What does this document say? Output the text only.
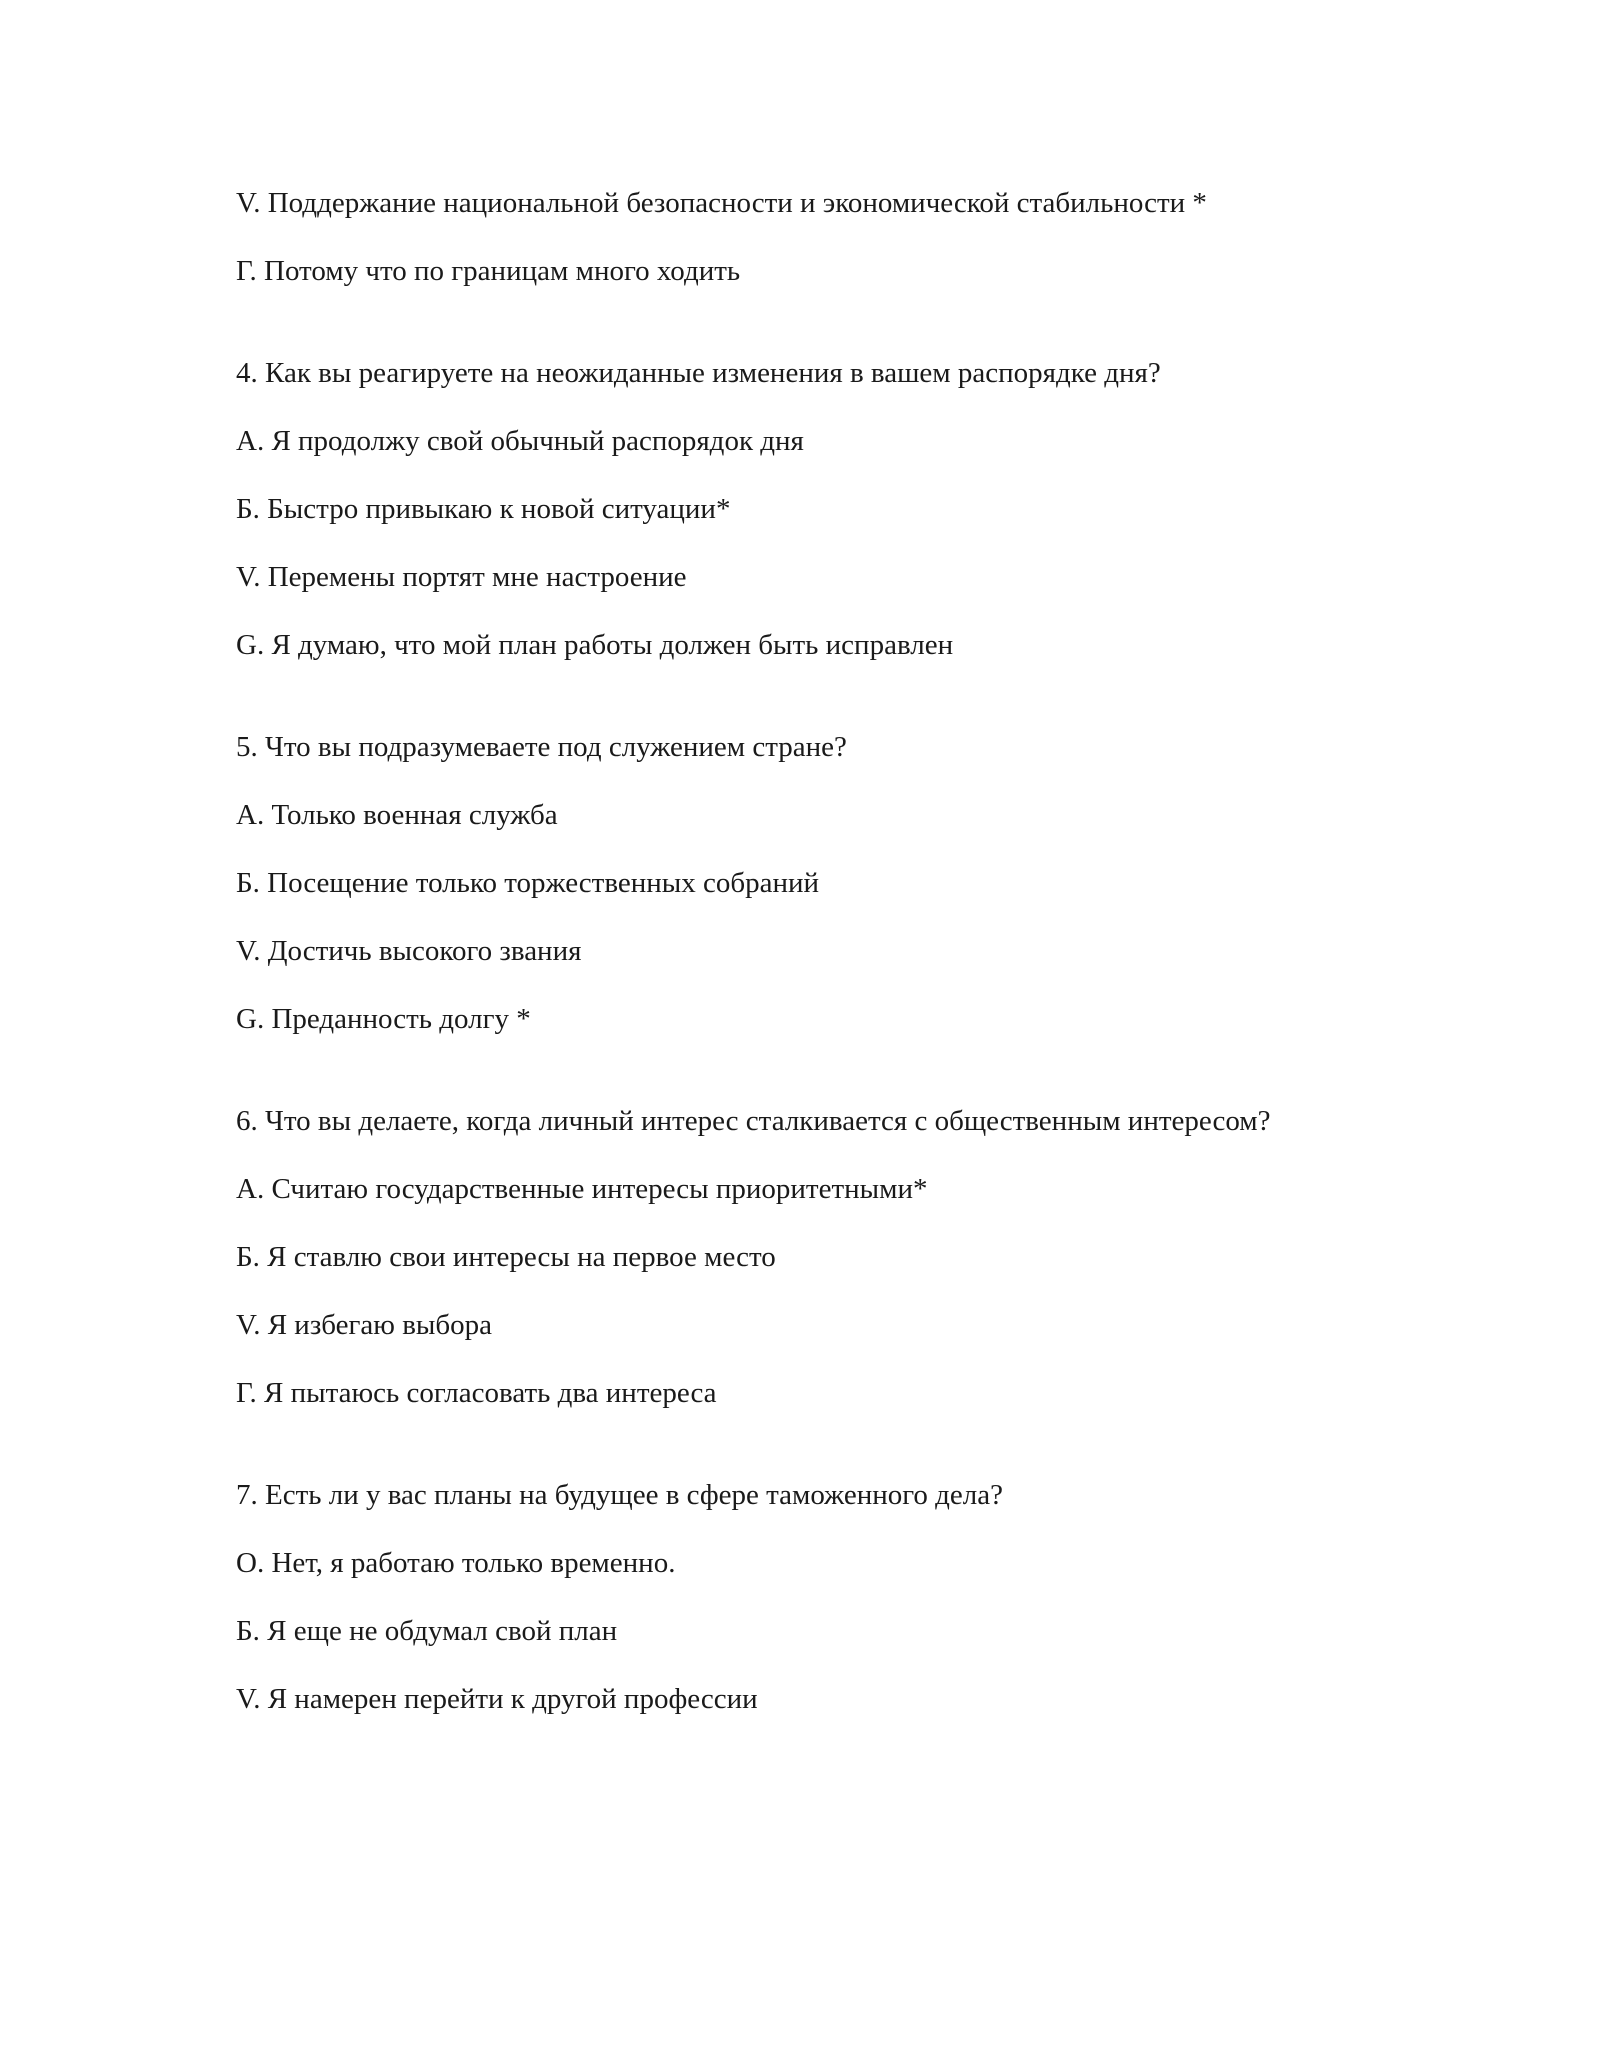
V. Поддержание национальной безопасности и экономической стабильности *
Г. Потому что по границам много ходить
4. Как вы реагируете на неожиданные изменения в вашем распорядке дня?
А. Я продолжу свой обычный распорядок дня
Б. Быстро привыкаю к новой ситуации*
V. Перемены портят мне настроение
G. Я думаю, что мой план работы должен быть исправлен
5. Что вы подразумеваете под служением стране?
А. Только военная служба
Б. Посещение только торжественных собраний
V. Достичь высокого звания
G. Преданность долгу *
6. Что вы делаете, когда личный интерес сталкивается с общественным интересом?
А. Считаю государственные интересы приоритетными*
Б. Я ставлю свои интересы на первое место
V. Я избегаю выбора
Г. Я пытаюсь согласовать два интереса
7. Есть ли у вас планы на будущее в сфере таможенного дела?
О. Нет, я работаю только временно.
Б. Я еще не обдумал свой план
V. Я намерен перейти к другой профессии
